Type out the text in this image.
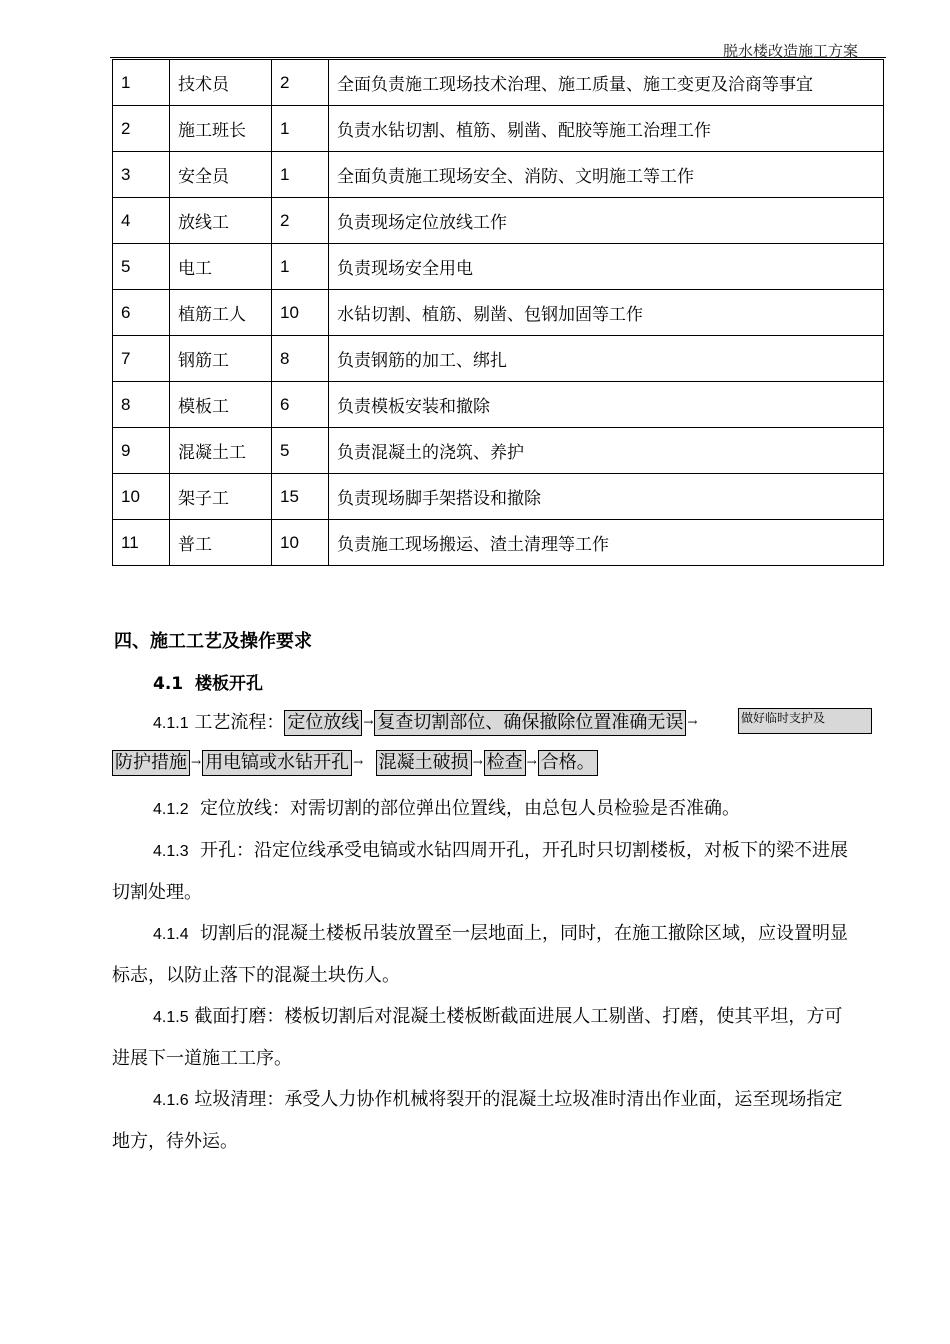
脱水楼改造施工方案
1	技术员	2	全面负责施工现场技术治理、施工质量、施工变更及洽商等事宜
2	施工班长	1	负责水钻切割、植筋、剔凿、配胶等施工治理工作
3	安全员	1	全面负责施工现场安全、消防、文明施工等工作
4	放线工	2	负责现场定位放线工作
5	电工	1	负责现场安全用电
6	植筋工人	10	水钻切割、植筋、剔凿、包钢加固等工作
7	钢筋工	8	负责钢筋的加工、绑扎
8	模板工	6	负责模板安装和撤除
9	混凝土工	5	负责混凝土的浇筑、养护
10	架子工	15	负责现场脚手架搭设和撤除
11	普工	10	负责施工现场搬运、渣土清理等工作
四、施工工艺及操作要求
4.1 楼板开孔
4.1.1 工艺流程： 定位放线 → 复查切割部位、确保撤除位置准确无误 →	做好临时支护及
防护措施 → 用电镐或水钻开孔 → 混凝土破损 → 检查 → 合格。
4.1.2 定位放线：对需切割的部位弹出位置线，由总包人员检验是否准确。
4.1.3 开孔：沿定位线承受电镐或水钻四周开孔，开孔时只切割楼板，对板下的梁不进展
切割处理。
4.1.4 切割后的混凝土楼板吊装放置至一层地面上，同时，在施工撤除区域，应设置明显
标志，以防止落下的混凝土块伤人。
4.1.5 截面打磨：楼板切割后对混凝土楼板断截面进展人工剔凿、打磨，使其平坦，方可
进展下一道施工工序。
4.1.6 垃圾清理：承受人力协作机械将裂开的混凝土垃圾准时清出作业面，运至现场指定
地方，待外运。
